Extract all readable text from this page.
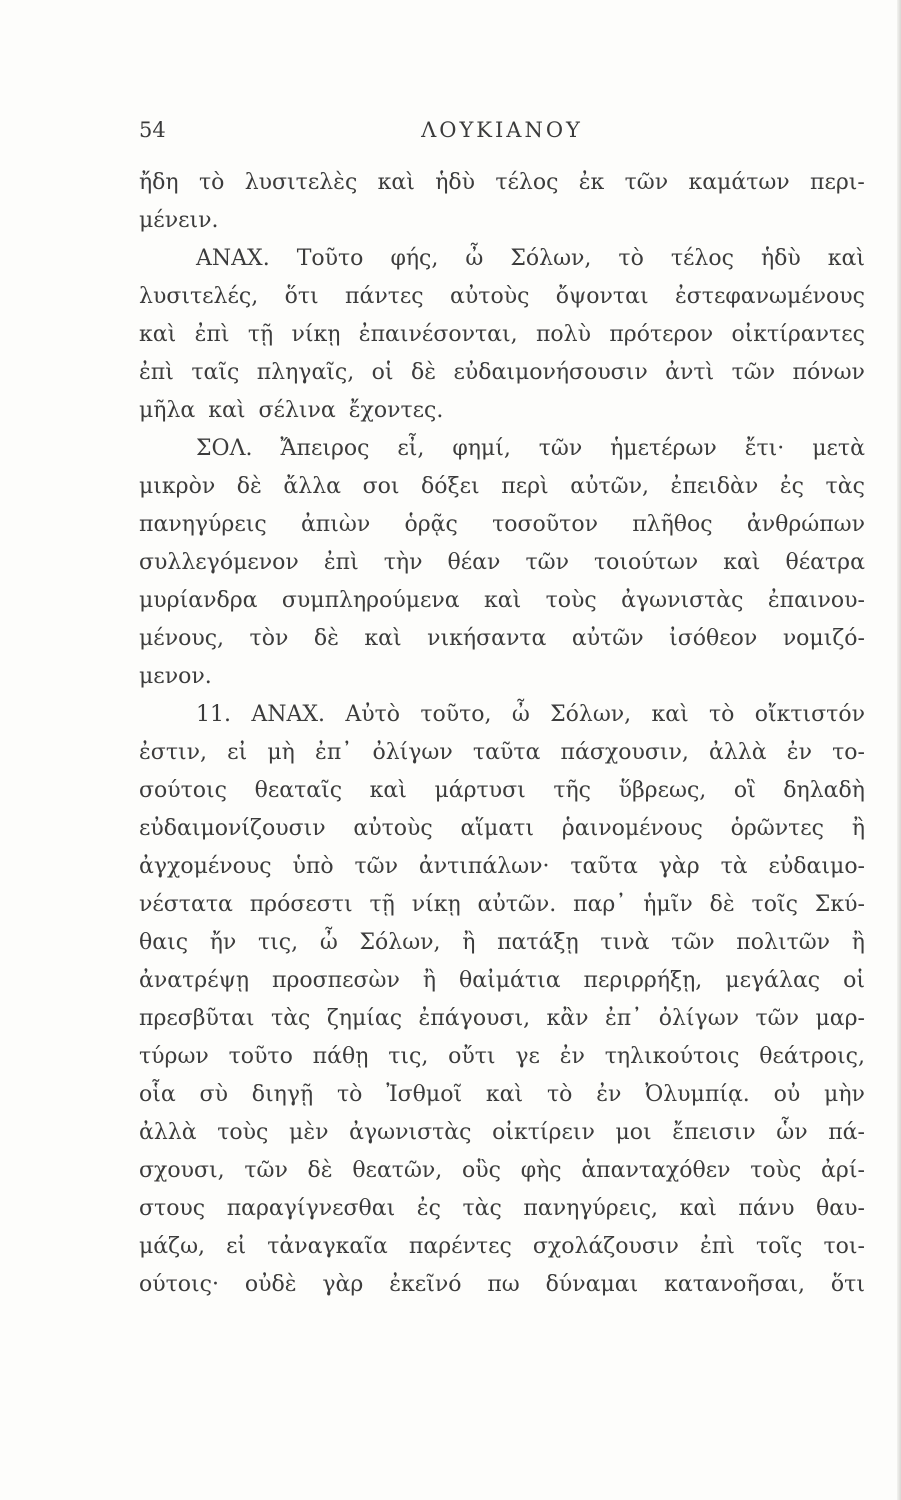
54	ΛΟΥΚΙΑΝΟΥ
ἤδη τὸ λυσιτελὲς καὶ ἡδὺ τέλος ἐκ τῶν καμάτων περι-
μένειν.
ΑΝΑΧ. Τοῦτο φής, ὦ Σόλων, τὸ τέλος ἡδὺ καὶ
λυσιτελές, ὅτι πάντες αὐτοὺς ὄψονται ἐστεφανωμένους
καὶ ἐπὶ τῇ νίκῃ ἐπαινέσονται, πολὺ πρότερον οἰκτίραντες
ἐπὶ ταῖς πληγαῖς, οἱ δὲ εὐδαιμονήσουσιν ἀντὶ τῶν πόνων
μῆλα καὶ σέλινα ἔχοντες.
ΣΟΛ. Ἄπειρος εἶ, φημί, τῶν ἡμετέρων ἔτι· μετὰ
μικρὸν δὲ ἄλλα σοι δόξει περὶ αὐτῶν, ἐπειδὰν ἐς τὰς
πανηγύρεις ἀπιὼν ὁρᾷς τοσοῦτον πλῆθος ἀνθρώπων
συλλεγόμενον ἐπὶ τὴν θέαν τῶν τοιούτων καὶ θέατρα
μυρίανδρα συμπληρούμενα καὶ τοὺς ἀγωνιστὰς ἐπαινου-
μένους, τὸν δὲ καὶ νικήσαντα αὐτῶν ἰσόθεον νομιζό-
μενον.
11. ΑΝΑΧ. Αὐτὸ τοῦτο, ὦ Σόλων, καὶ τὸ οἴκτιστόν
ἐστιν, εἰ μὴ ἐπ᾽ ὀλίγων ταῦτα πάσχουσιν, ἀλλὰ ἐν το-
σούτοις θεαταῖς καὶ μάρτυσι τῆς ὕβρεως, οἳ δηλαδὴ
εὐδαιμονίζουσιν αὐτοὺς αἵματι ῥαινομένους ὁρῶντες ἢ
ἀγχομένους ὑπὸ τῶν ἀντιπάλων· ταῦτα γὰρ τὰ εὐδαιμο-
νέστατα πρόσεστι τῇ νίκῃ αὐτῶν. παρ᾽ ἡμῖν δὲ τοῖς Σκύ-
θαις ἤν τις, ὦ Σόλων, ἢ πατάξῃ τινὰ τῶν πολιτῶν ἢ
ἀνατρέψῃ προσπεσὼν ἢ θαἰμάτια περιρρήξῃ, μεγάλας οἱ
πρεσβῦται τὰς ζημίας ἐπάγουσι, κἂν ἐπ᾽ ὀλίγων τῶν μαρ-
τύρων τοῦτο πάθῃ τις, οὔτι γε ἐν τηλικούτοις θεάτροις,
οἷα σὺ διηγῇ τὸ Ἰσθμοῖ καὶ τὸ ἐν Ὀλυμπίᾳ. οὐ μὴν
ἀλλὰ τοὺς μὲν ἀγωνιστὰς οἰκτίρειν μοι ἔπεισιν ὧν πά-
σχουσι, τῶν δὲ θεατῶν, οὓς φὴς ἁπανταχόθεν τοὺς ἀρί-
στους παραγίγνεσθαι ἐς τὰς πανηγύρεις, καὶ πάνυ θαυ-
μάζω, εἰ τἀναγκαῖα παρέντες σχολάζουσιν ἐπὶ τοῖς τοι-
ούτοις· οὐδὲ γὰρ ἐκεῖνό πω δύναμαι κατανοῆσαι, ὅτι
